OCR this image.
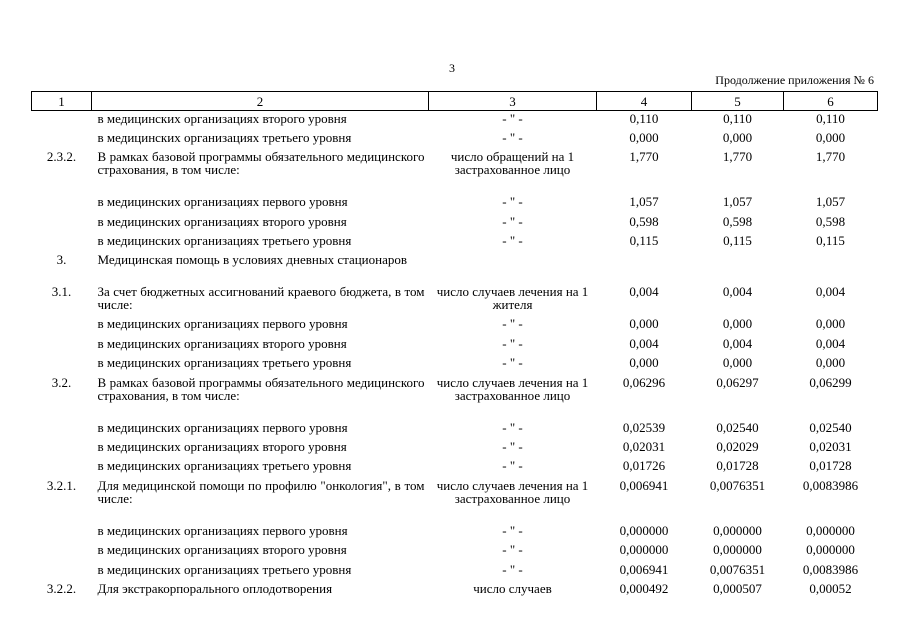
3
Продолжение приложения № 6
1	2	3	4	5	6

	в медицинских организациях второго уровня	- " -	0,110	0,110	0,110

	в медицинских организациях третьего уровня	- " -	0,000	0,000	0,000
2.3.2.	В рамках базовой программы обязательного медицинского страхования, в том числе:	число обращений на 1 застрахованное лицо	1,770	1,770	1,770

	в медицинских организациях первого уровня	- " -	1,057	1,057	1,057

	в медицинских организациях второго уровня	- " -	0,598	0,598	0,598

	в медицинских организациях третьего уровня	- " -	0,115	0,115	0,115
3.	Медицинская помощь в условиях дневных стационаров				

3.1.	За счет бюджетных ассигнований краевого бюджета, в том числе:	число случаев лечения на 1 жителя	0,004	0,004	0,004

	в медицинских организациях первого уровня	- " -	0,000	0,000	0,000

	в медицинских организациях второго уровня	- " -	0,004	0,004	0,004

	в медицинских организациях третьего уровня	- " -	0,000	0,000	0,000
3.2.	В рамках базовой программы обязательного медицинского страхования, в том числе:	число случаев лечения на 1 застрахованное лицо	0,06296	0,06297	0,06299

	в медицинских организациях первого уровня	- " -	0,02539	0,02540	0,02540

	в медицинских организациях второго уровня	- " -	0,02031	0,02029	0,02031

	в медицинских организациях третьего уровня	- " -	0,01726	0,01728	0,01728
3.2.1.	Для медицинской помощи по профилю "онкология", в том числе:	число случаев лечения на 1 застрахованное лицо	0,006941	0,0076351	0,0083986

	в медицинских организациях первого уровня	- " -	0,000000	0,000000	0,000000

	в медицинских организациях второго уровня	- " -	0,000000	0,000000	0,000000

	в медицинских организациях третьего уровня	- " -	0,006941	0,0076351	0,0083986
3.2.2.	Для экстракорпорального оплодотворения	число случаев	0,000492	0,000507	0,00052
